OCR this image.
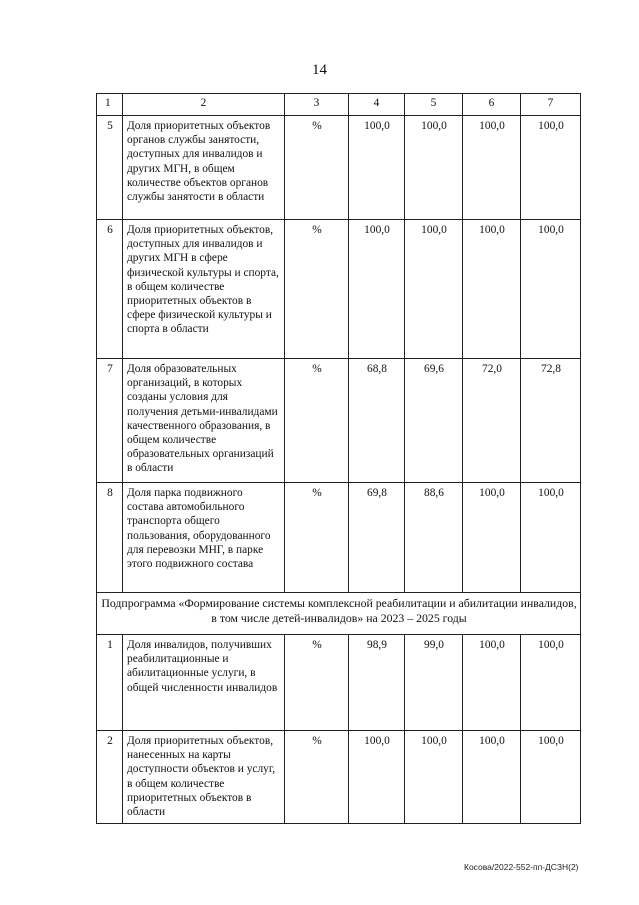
14
1	2	3	4	5	6	7
5	Доля приоритетных объектов органов службы занятости, доступных для инвалидов и других МГН, в общем количестве объектов органов службы занятости в области	%	100,0	100,0	100,0	100,0
6	Доля приоритетных объектов, доступных для инвалидов и других МГН в сфере физической культуры и спорта, в общем количестве приоритетных объектов в сфере физической культуры и спорта в области	%	100,0	100,0	100,0	100,0
7	Доля образовательных организаций, в которых созданы условия для получения детьми-инвалидами качественного образования, в общем количестве образовательных организаций в области	%	68,8	69,6	72,0	72,8
8	Доля парка подвижного состава автомобильного транспорта общего пользования, оборудованного для перевозки МНГ, в парке этого подвижного состава	%	69,8	88,6	100,0	100,0
Подпрограмма «Формирование системы комплексной реабилитации и абилитации инвалидов, в том числе детей-инвалидов» на 2023 – 2025 годы						
1	Доля инвалидов, получивших реабилитационные и абилитационные услуги, в общей численности инвалидов	%	98,9	99,0	100,0	100,0
2	Доля приоритетных объектов, нанесенных на карты доступности объектов и услуг, в общем количестве приоритетных объектов в области	%	100,0	100,0	100,0	100,0
Косова/2022-552-пп-ДСЗН(2)
